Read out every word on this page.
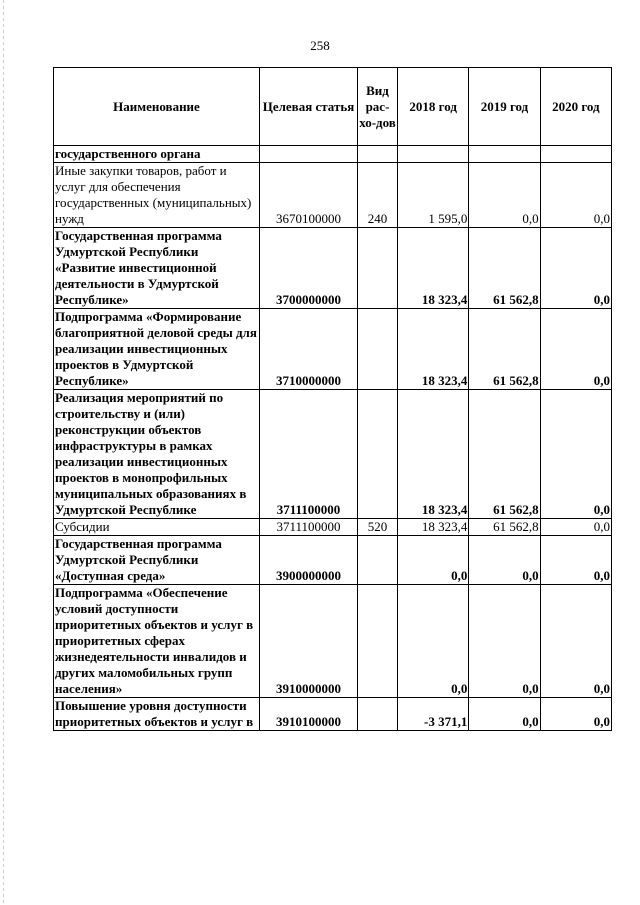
258
Наименование	Целевая статья	Вид рас-хо-дов	2018 год	2019 год	2020 год
государственного органа					
Иные закупки товаров, работ и услуг для обеспечения государственных (муниципальных) нужд	3670100000	240	1 595,0	0,0	0,0
Государственная программа Удмуртской Республики «Развитие инвестиционной деятельности в Удмуртской Республике»	3700000000		18 323,4	61 562,8	0,0
Подпрограмма «Формирование благоприятной деловой среды для реализации инвестиционных проектов в Удмуртской Республике»	3710000000		18 323,4	61 562,8	0,0
Реализация мероприятий по строительству и (или) реконструкции объектов инфраструктуры в рамках реализации инвестиционных проектов в монопрофильных муниципальных образованиях в Удмуртской Республике	3711100000		18 323,4	61 562,8	0,0
Субсидии	3711100000	520	18 323,4	61 562,8	0,0
Государственная программа Удмуртской Республики «Доступная среда»	3900000000		0,0	0,0	0,0
Подпрограмма «Обеспечение условий доступности приоритетных объектов и услуг в приоритетных сферах жизнедеятельности инвалидов и других маломобильных групп населения»	3910000000		0,0	0,0	0,0
Повышение уровня доступности приоритетных объектов и услуг в	3910100000		-3 371,1	0,0	0,0
